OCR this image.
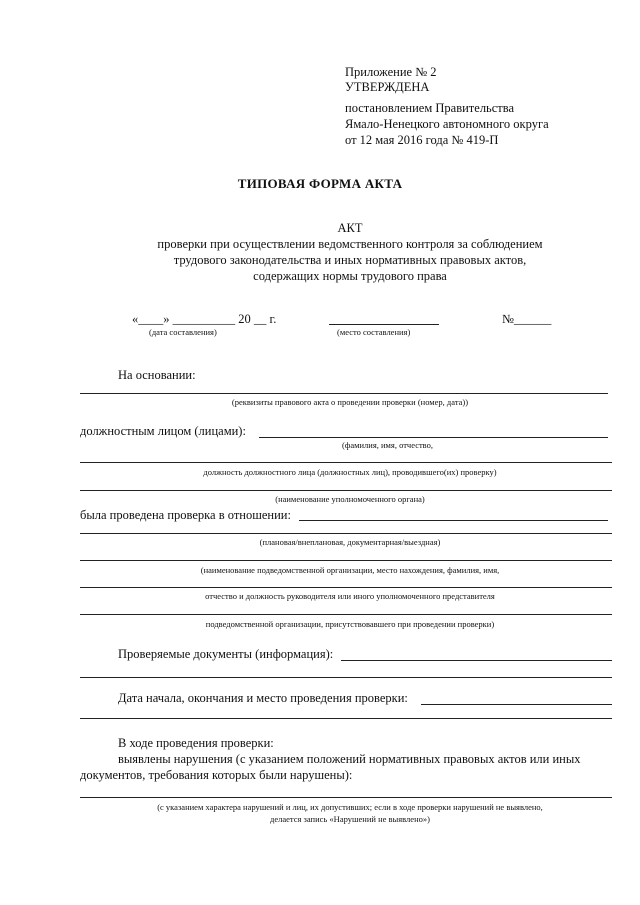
Приложение № 2
УТВЕРЖДЕНА
постановлением Правительства
Ямало-Ненецкого автономного округа
от 12 мая 2016 года № 419-П
ТИПОВАЯ ФОРМА АКТА
АКТ
проверки при осуществлении ведомственного контроля за соблюдением
трудового законодательства и иных нормативных правовых актов,
содержащих нормы трудового права
«____» __________ 20 __ г.
(дата составления)	(место составления)
№______
На основании:
(реквизиты правового акта о проведении проверки (номер, дата))
должностным лицом (лицами):
(фамилия, имя, отчество,
должность должностного лица (должностных лиц), проводившего(их) проверку)
(наименование уполномоченного органа)
была проведена проверка в отношении:
(плановая/внеплановая, документарная/выездная)
(наименование подведомственной организации, место нахождения, фамилия, имя,
отчество и должность руководителя или иного уполномоченного представителя
подведомственной организации, присутствовавшего при проведении проверки)
Проверяемые документы (информация):
Дата начала, окончания и место проведения проверки:
В ходе проведения проверки:
выявлены нарушения (с указанием положений нормативных правовых актов или иных
документов, требования которых были нарушены):
(с указанием характера нарушений и лиц, их допустивших; если в ходе проверки нарушений не выявлено,
делается запись «Нарушений не выявлено»)
